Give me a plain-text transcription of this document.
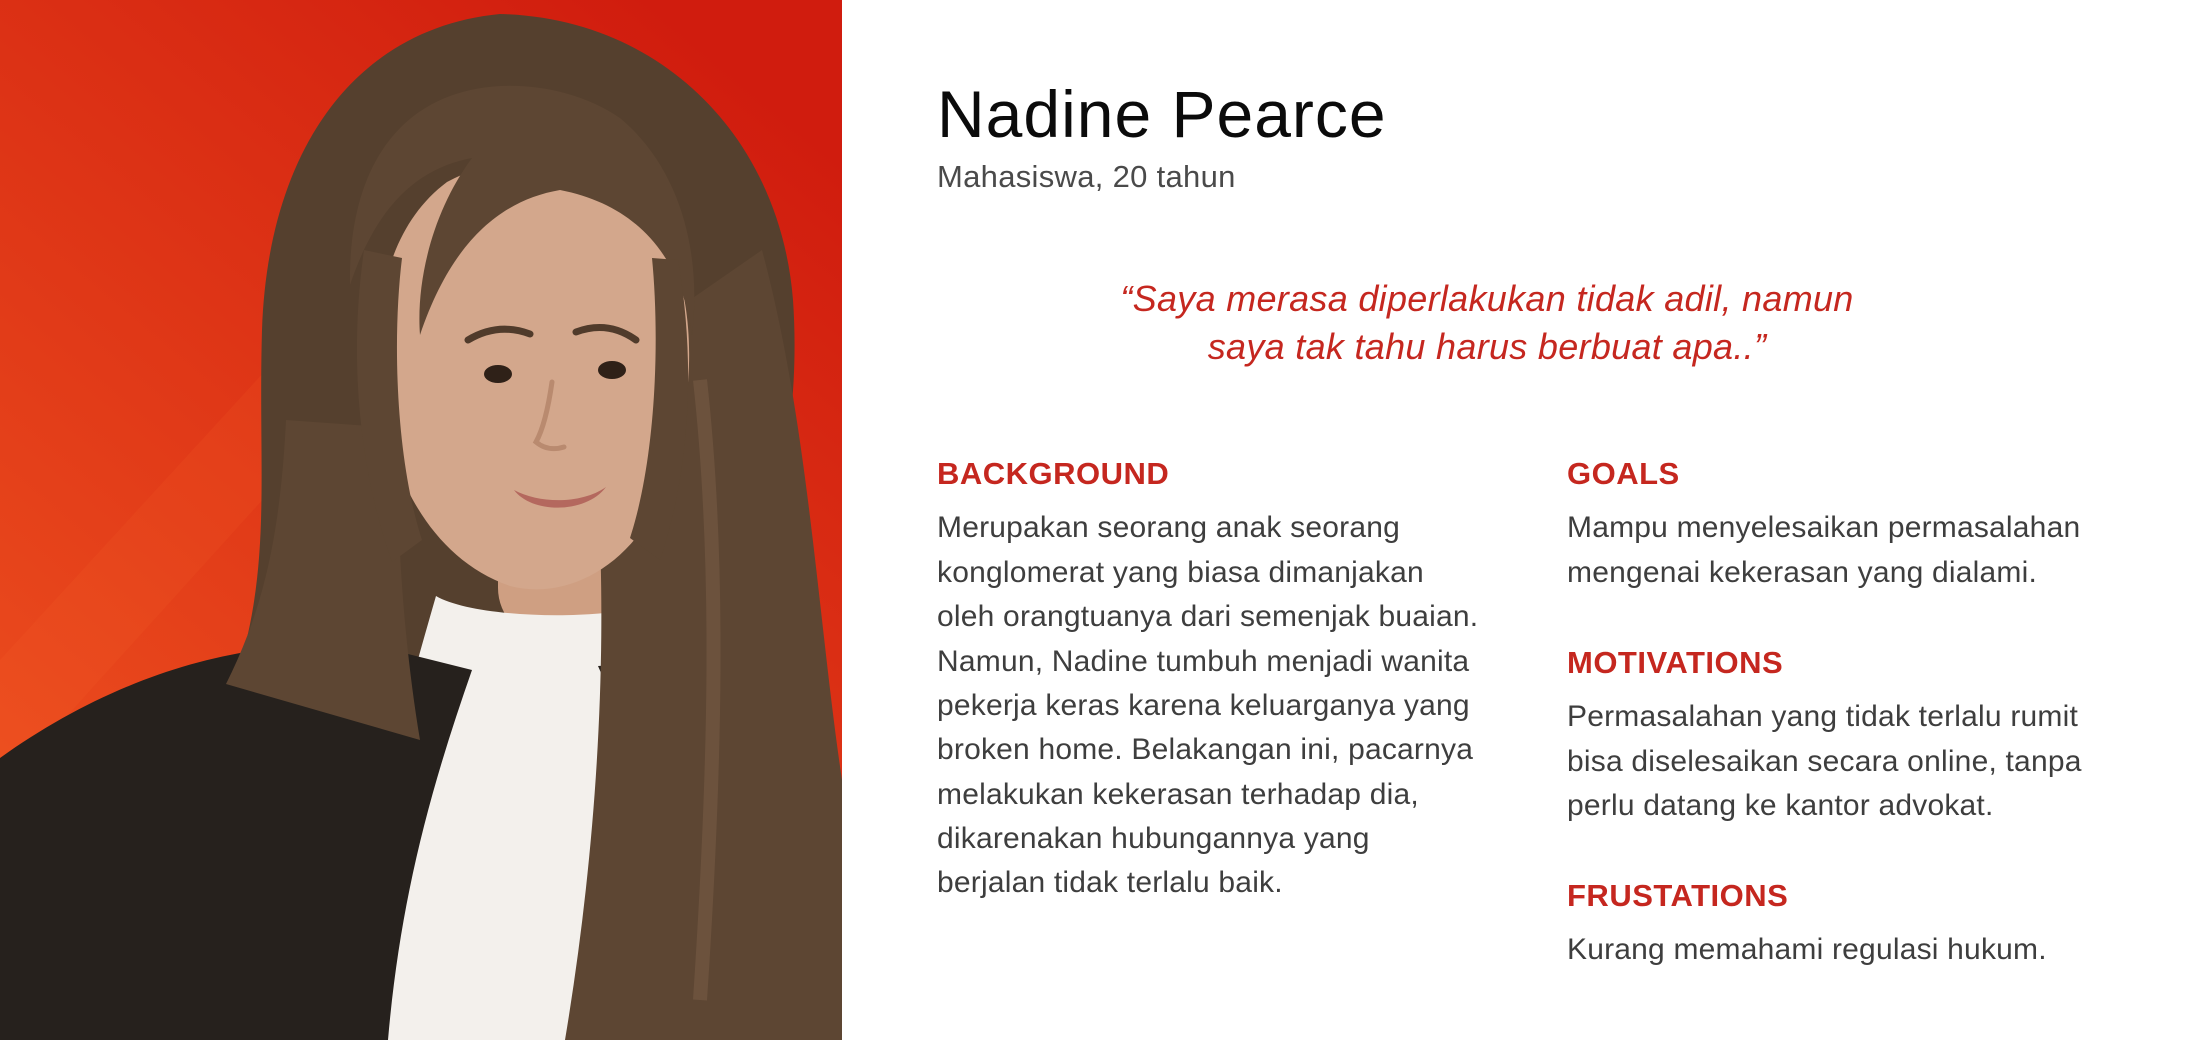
Nadine Pearce
Mahasiswa, 20 tahun
“Saya merasa diperlakukan tidak adil, namun
saya tak tahu harus berbuat apa..”
BACKGROUND
Merupakan seorang anak seorang konglomerat yang biasa dimanjakan oleh orangtuanya dari semenjak buaian. Namun, Nadine tumbuh menjadi wanita pekerja keras karena keluarganya yang broken home. Belakangan ini, pacarnya melakukan kekerasan terhadap dia, dikarenakan hubungannya yang berjalan tidak terlalu baik.
GOALS
Mampu menyelesaikan permasalahan mengenai kekerasan yang dialami.
MOTIVATIONS
Permasalahan yang tidak terlalu rumit bisa diselesaikan secara online, tanpa perlu datang ke kantor advokat.
FRUSTATIONS
Kurang memahami regulasi hukum.
